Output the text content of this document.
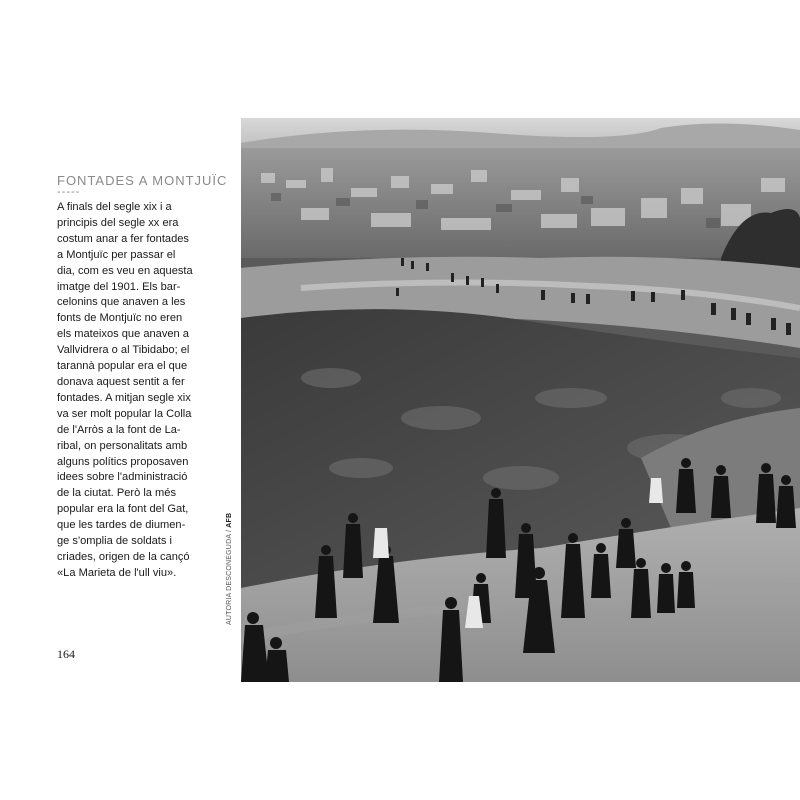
FONTADES A MONTJUÏC
-----
A finals del segle xix i a
principis del segle xx era
costum anar a fer fontades
a Montjuïc per passar el
dia, com es veu en aquesta
imatge del 1901. Els bar-
celonins que anaven a les
fonts de Montjuïc no eren
els mateixos que anaven a
Vallvidrera o al Tibidabo; el
tarannà popular era el que
donava aquest sentit a fer
fontades. A mitjan segle xix
va ser molt popular la Colla
de l'Arròs a la font de La-
ribal, on personalitats amb
alguns polítics proposaven
idees sobre l'administració
de la ciutat. Però la més
popular era la font del Gat,
que les tardes de diumen-
ge s'omplia de soldats i
criades, origen de la cançó
«La Marieta de l'ull viu».
164
AUTORIA DESCONEGUDA / AFB
